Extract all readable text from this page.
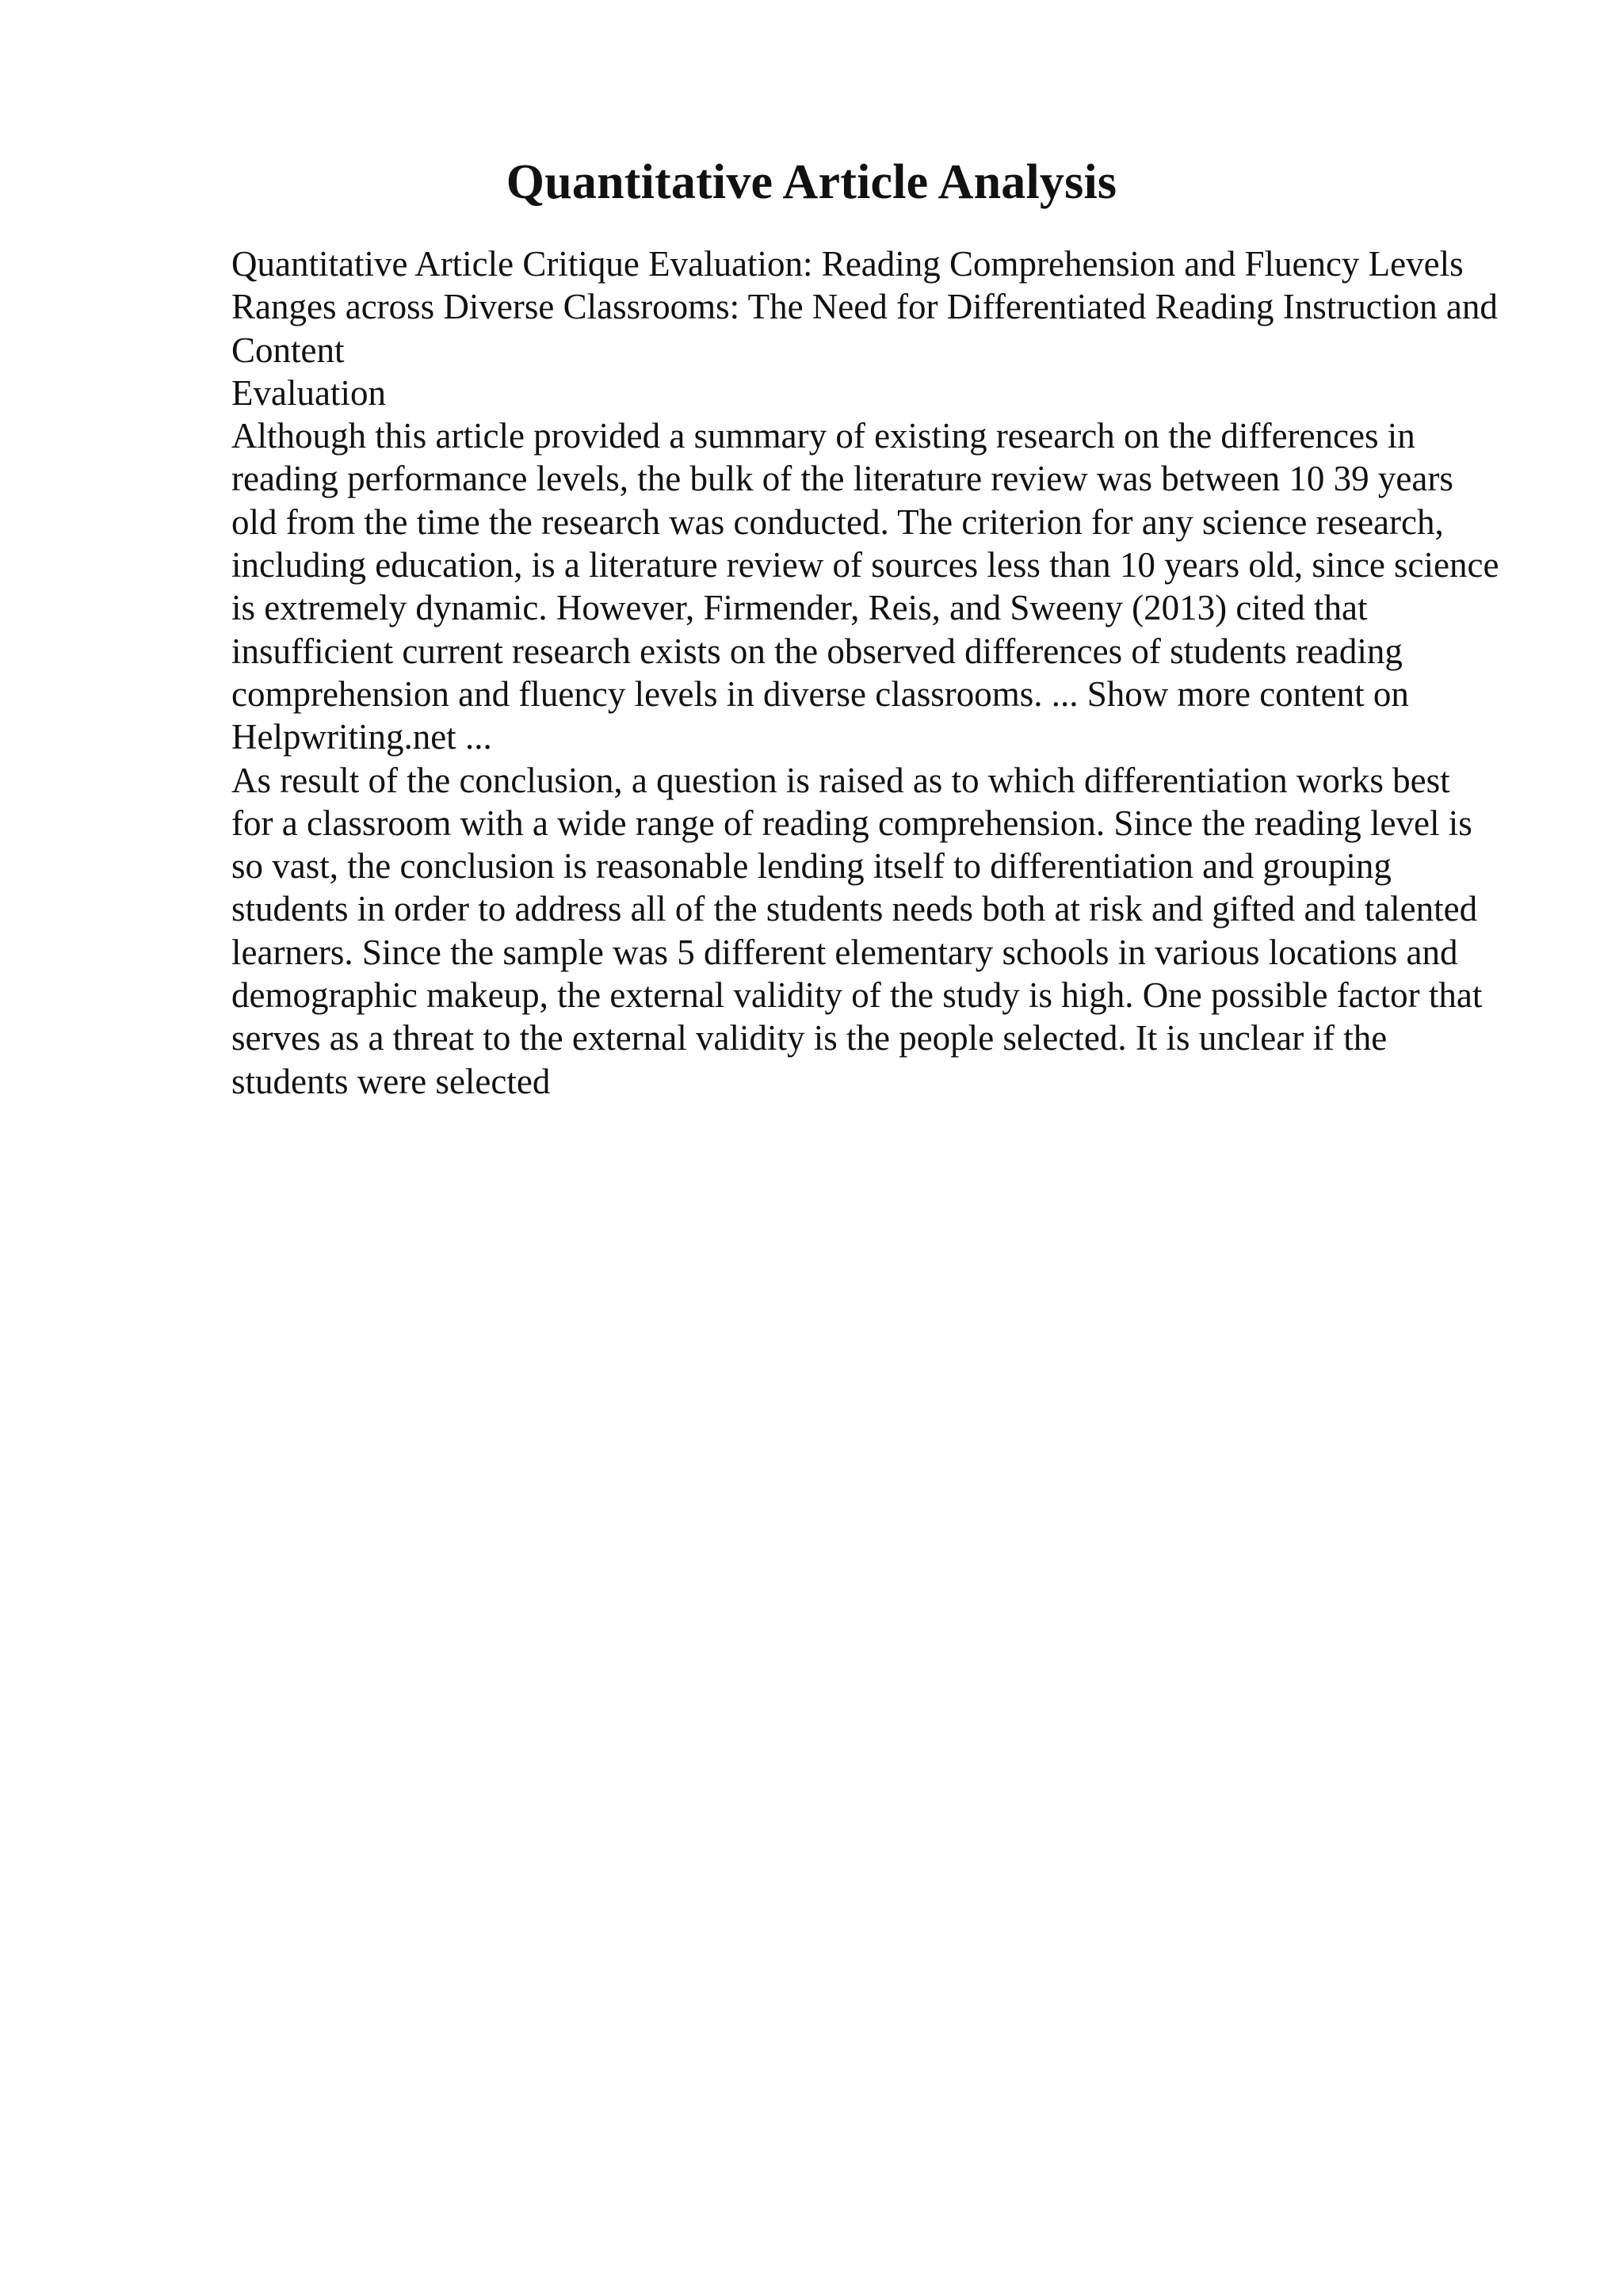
Quantitative Article Analysis

Quantitative Article Critique Evaluation: Reading Comprehension and Fluency Levels Ranges across Diverse Classrooms: The Need for Differentiated Reading Instruction and Content

Evaluation

Although this article provided a summary of existing research on the differences in reading performance levels, the bulk of the literature review was between 10 39 years old from the time the research was conducted. The criterion for any science research, including education, is a literature review of sources less than 10 years old, since science is extremely dynamic. However, Firmender, Reis, and Sweeny (2013) cited that insufficient current research exists on the observed differences of students reading comprehension and fluency levels in diverse classrooms. ... Show more content on Helpwriting.net ...

As result of the conclusion, a question is raised as to which differentiation works best for a classroom with a wide range of reading comprehension. Since the reading level is so vast, the conclusion is reasonable lending itself to differentiation and grouping students in order to address all of the students needs both at risk and gifted and talented learners. Since the sample was 5 different elementary schools in various locations and demographic makeup, the external validity of the study is high. One possible factor that serves as a threat to the external validity is the people selected. It is unclear if the students were selected
